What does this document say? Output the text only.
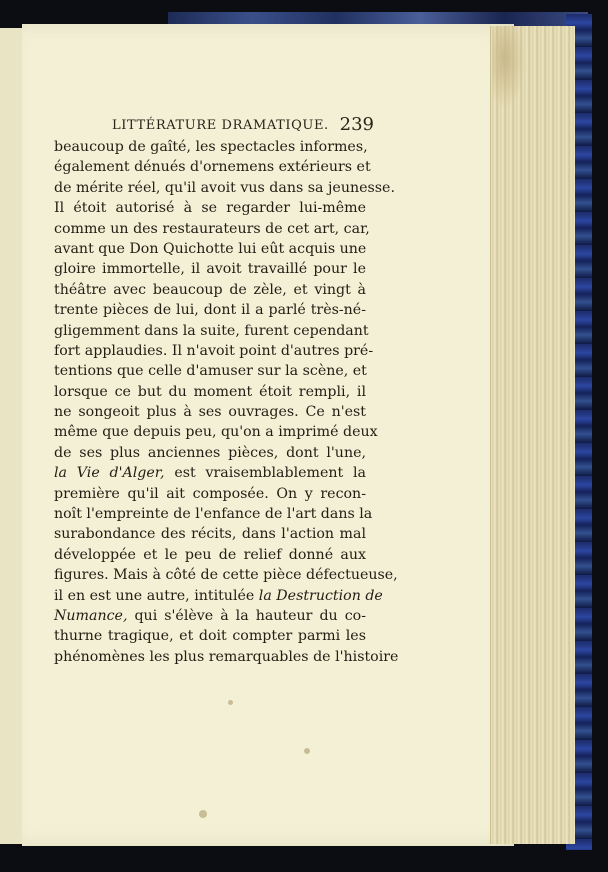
LITTÉRATURE DRAMATIQUE. 239
beaucoup de gaîté, les spectacles informes,
également dénués d'ornemens extérieurs et
de mérite réel, qu'il avoit vus dans sa jeunesse.
Il étoit autorisé à se regarder lui-même
comme un des restaurateurs de cet art, car,
avant que Don Quichotte lui eût acquis une
gloire immortelle, il avoit travaillé pour le
théâtre avec beaucoup de zèle, et vingt à
trente pièces de lui, dont il a parlé très-né-
gligemment dans la suite, furent cependant
fort applaudies. Il n'avoit point d'autres pré-
tentions que celle d'amuser sur la scène, et
lorsque ce but du moment étoit rempli, il
ne songeoit plus à ses ouvrages. Ce n'est
même que depuis peu, qu'on a imprimé deux
de ses plus anciennes pièces, dont l'une,
la Vie d'Alger, est vraisemblablement la
première qu'il ait composée. On y recon-
noît l'empreinte de l'enfance de l'art dans la
surabondance des récits, dans l'action mal
développée et le peu de relief donné aux
figures. Mais à côté de cette pièce défectueuse,
il en est une autre, intitulée la Destruction de
Numance, qui s'élève à la hauteur du co-
thurne tragique, et doit compter parmi les
phénomènes les plus remarquables de l'histoire
